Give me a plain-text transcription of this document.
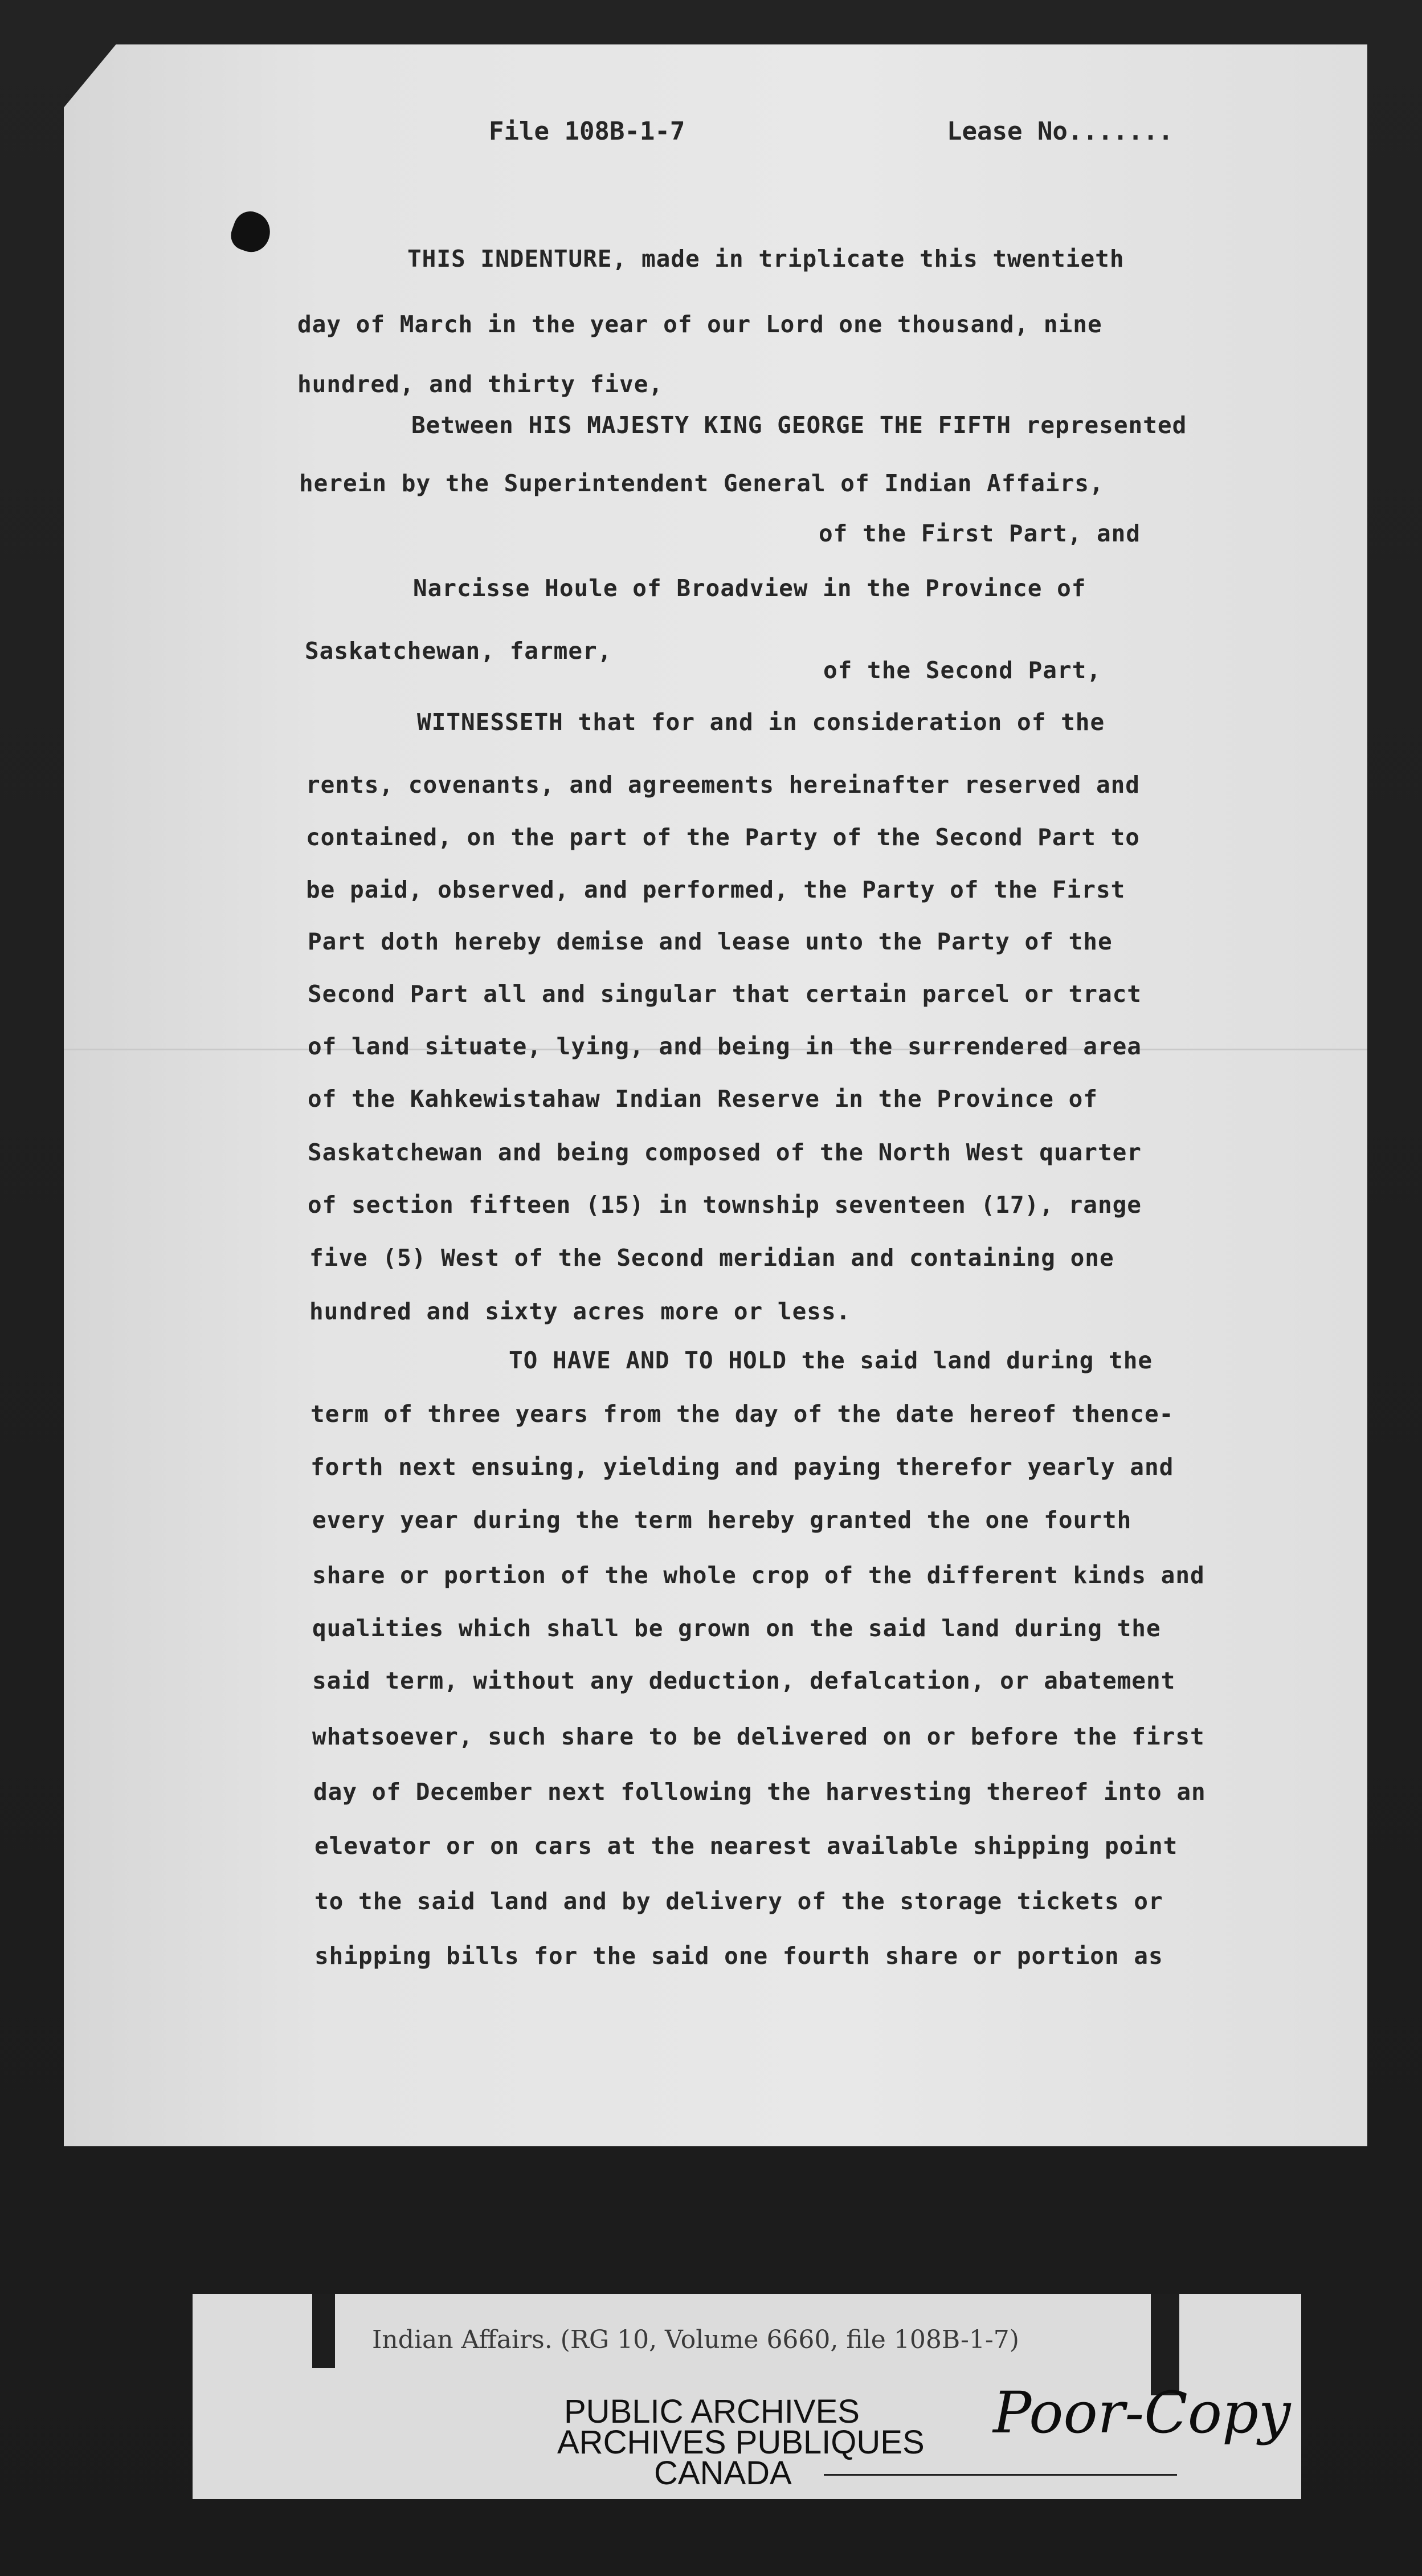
File 108B-1-7	Lease No.......
THIS INDENTURE, made in triplicate this twentieth
day of March in the year of our Lord one thousand, nine
hundred, and thirty five,
Between HIS MAJESTY KING GEORGE THE FIFTH represented
herein by the Superintendent General of Indian Affairs,
of the First Part, and
Narcisse Houle of Broadview in the Province of
Saskatchewan, farmer,
of the Second Part,
WITNESSETH that for and in consideration of the
rents, covenants, and agreements hereinafter reserved and
contained, on the part of the Party of the Second Part to
be paid, observed, and performed, the Party of the First
Part doth hereby demise and lease unto the Party of the
Second Part all and singular that certain parcel or tract
of land situate, lying, and being in the surrendered area
of the Kahkewistahaw Indian Reserve in the Province of
Saskatchewan and being composed of the North West quarter
of section fifteen (15) in township seventeen (17), range
five (5) West of the Second meridian and containing one
hundred and sixty acres more or less.
TO HAVE AND TO HOLD the said land during the
term of three years from the day of the date hereof thence-
forth next ensuing, yielding and paying therefor yearly and
every year during the term hereby granted the one fourth
share or portion of the whole crop of the different kinds and
qualities which shall be grown on the said land during the
said term, without any deduction, defalcation, or abatement
whatsoever, such share to be delivered on or before the first
day of December next following the harvesting thereof into an
elevator or on cars at the nearest available shipping point
to the said land and by delivery of the storage tickets or
shipping bills for the said one fourth share or portion as
Indian Affairs. (RG 10, Volume 6660, file 108B-1-7)
PUBLIC ARCHIVES
ARCHIVES PUBLIQUES
CANADA
Poor-Copy
